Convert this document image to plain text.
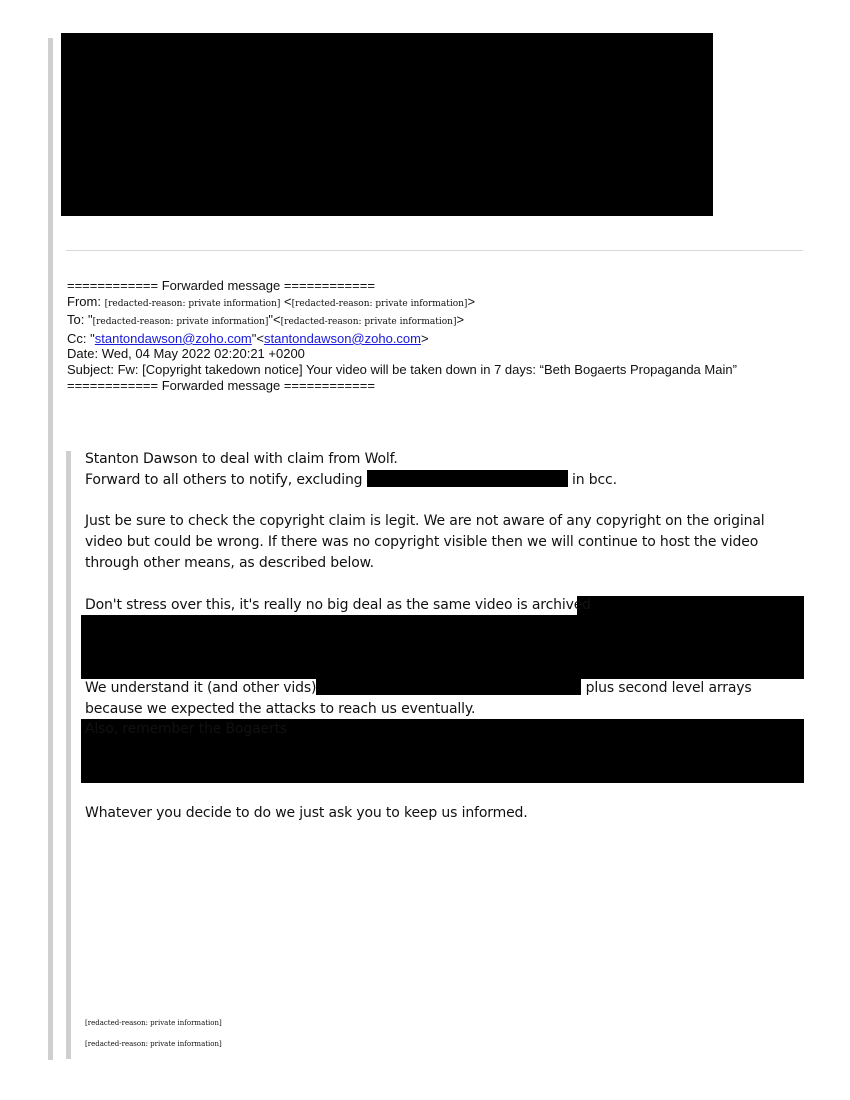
============ Forwarded message ============
From: [redacted-reason: private information] <[redacted-reason: private information]>
To: "[redacted-reason: private information]"<[redacted-reason: private information]>
Cc: "stantondawson@zoho.com"<stantondawson@zoho.com>
Date: Wed, 04 May 2022 02:20:21 +0200
Subject: Fw: [Copyright takedown notice] Your video will be taken down in 7 days: “Beth Bogaerts Propaganda Main”
============ Forwarded message ============

Stanton Dawson to deal with claim from Wolf.

Forward to all others to notify, excluding	in bcc.

Just be sure to check the copyright claim is legit. We are not aware of any copyright on the original video but could be wrong. If there was no copyright visible then we will continue to host the video through other means, as described below.

Don't stress over this, it's really no big deal as the same video is archived

We understand it (and other vids)	plus second level arrays because we expected the attacks to reach us eventually.

Also, remember the Bogaerts

Whatever you decide to do we just ask you to keep us informed.

[redacted-reason: private information]
[redacted-reason: private information]
